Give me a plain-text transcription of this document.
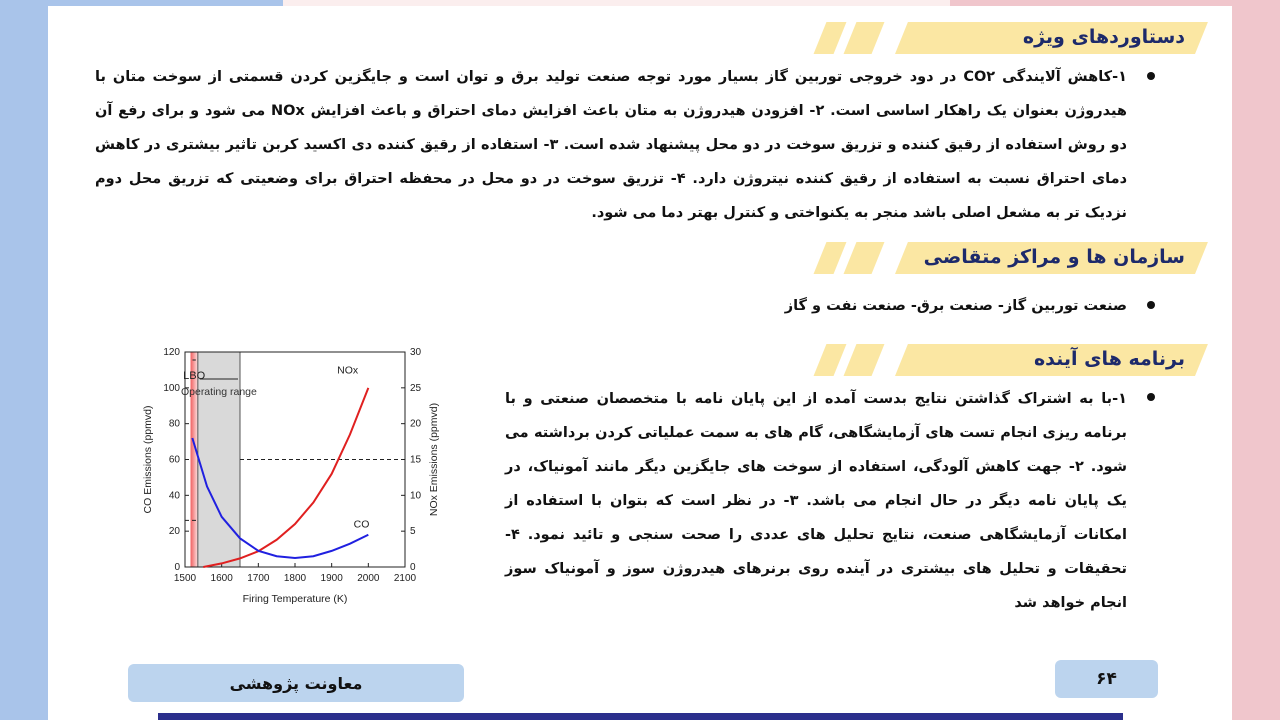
دستاوردهای ویژه
۱-کاهش آلایندگی CO۲ در دود خروجی توربین گاز بسیار مورد توجه صنعت تولید برق و توان است و جایگزین کردن قسمتی از سوخت متان با هیدروژن بعنوان یک راهکار اساسی است. ۲- افزودن هیدروژن به متان باعث افزایش دمای احتراق و باعث افزایش NOx می شود و برای رفع آن دو روش استفاده از رقیق کننده و تزریق سوخت در دو محل پیشنهاد شده است. ۳- استفاده از رقیق کننده دی اکسید کربن تاثیر بیشتری در کاهش دمای احتراق نسبت به استفاده از رقیق کننده نیتروژن دارد. ۴- تزریق سوخت در دو محل در محفظه احتراق برای وضعیتی که تزریق محل دوم نزدیک تر به مشعل اصلی باشد منجر به یکنواختی و کنترل بهتر دما می شود.
سازمان ها و مراکز متقاضی
صنعت توربین گاز- صنعت برق- صنعت نفت و گاز
برنامه های آینده
۱-با به اشتراک گذاشتن نتایج بدست آمده از این پایان نامه با متخصصان صنعتی و با برنامه ریزی انجام تست های آزمایشگاهی، گام های به سمت عملیاتی کردن برداشته می شود. ۲- جهت کاهش آلودگی، استفاده از سوخت های جایگزین دیگر مانند آمونیاک، در یک پایان نامه دیگر در حال انجام می باشد. ۳- در نظر است که بتوان با استفاده از امکانات آزمایشگاهی صنعت، نتایج تحلیل های عددی را صحت سنجی و تائید نمود. ۴- تحقیقات و تحلیل های بیشتری در آینده روی برنرهای هیدروژن سوز و آمونیاک سوز انجام خواهد شد
1500 1600 1700 1800 1900 2000 2100
0
20
40
60
80
100
120
0
5
10
15
20
25
30
Firing Temperature (K)
CO Emissions (ppmvd)	NOx Emissions (ppmvd)
LBO
Operating range
NOx
CO
معاونت پژوهشی	۶۴
